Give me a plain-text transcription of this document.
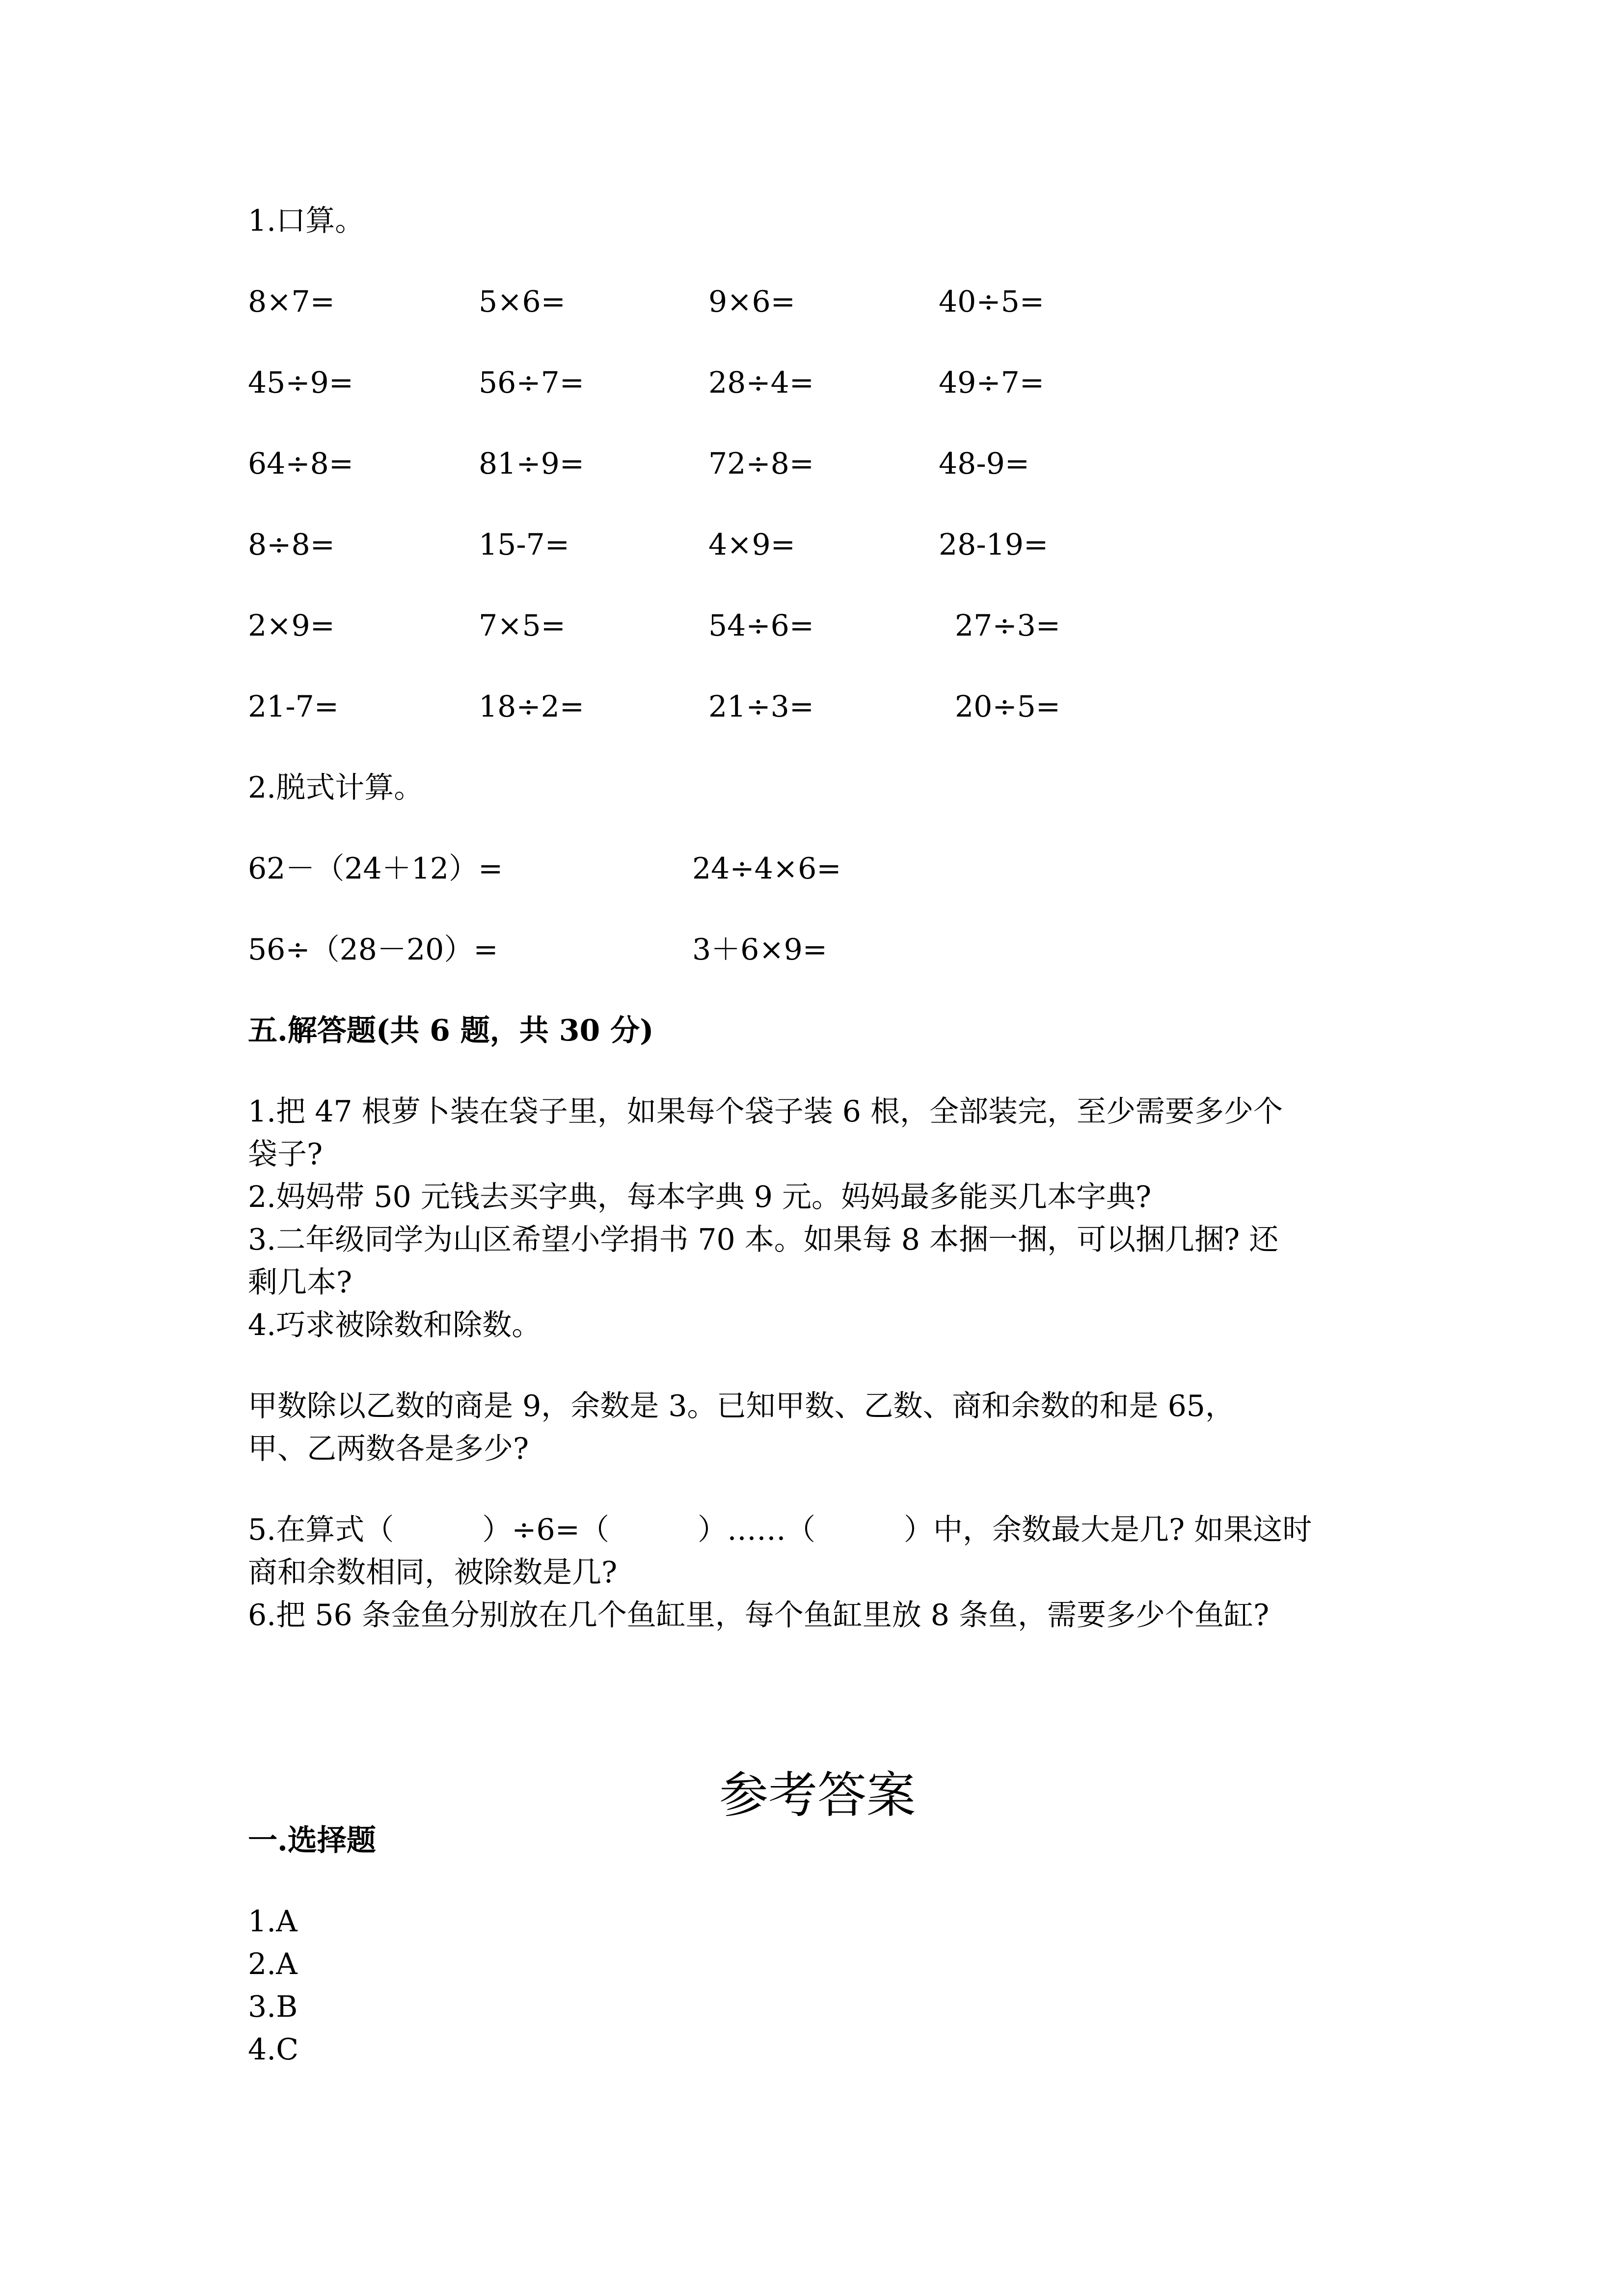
1.口算。

8×7=	5×6=	9×6=	40÷5=

45÷9=	56÷7=	28÷4=	49÷7=

64÷8=	81÷9=	72÷8=	48-9=

8÷8=	15-7=	4×9=	28-19=

2×9=	7×5=	54÷6=	27÷3=

21-7=	18÷2=	21÷3=	20÷5=

2.脱式计算。

62－（24＋12）=	24÷4×6=

56÷（28－20）=	3＋6×9=

五.解答题(共 6 题，共 30 分)

1.把 47 根萝卜装在袋子里，如果每个袋子装 6 根，全部装完，至少需要多少个

袋子?

2.妈妈带 50 元钱去买字典，每本字典 9 元。妈妈最多能买几本字典?

3.二年级同学为山区希望小学捐书 70 本。如果每 8 本捆一捆，可以捆几捆? 还

剩几本?

4.巧求被除数和除数。

甲数除以乙数的商是 9，余数是 3。已知甲数、乙数、商和余数的和是 65，

甲、乙两数各是多少?

5.在算式（　　　）÷6=（　　　）……（　　　）中，余数最大是几? 如果这时

商和余数相同，被除数是几?

6.把 56 条金鱼分别放在几个鱼缸里，每个鱼缸里放 8 条鱼，需要多少个鱼缸?

参考答案

一.选择题

1.A

2.A

3.B

4.C
